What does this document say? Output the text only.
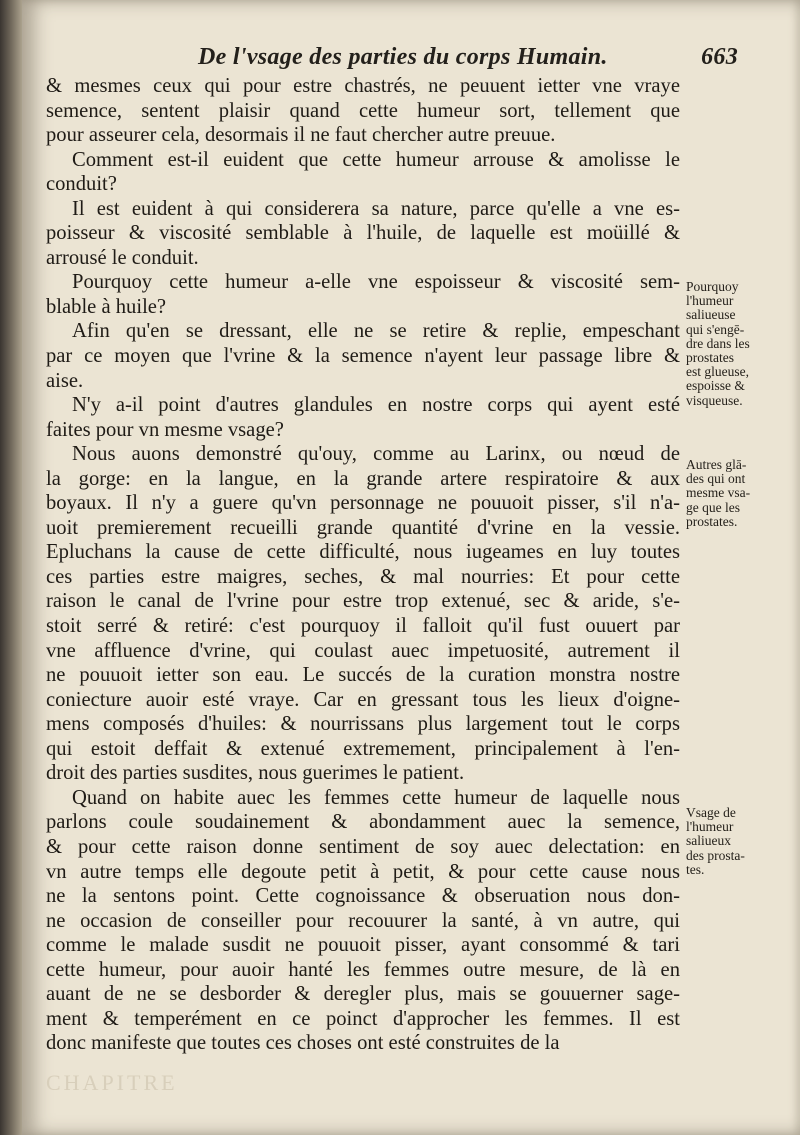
De l'vsage des parties du corps Humain.	663
& mesmes ceux qui pour estre chastrés, ne peuuent ietter vne vraye
semence, sentent plaisir quand cette humeur sort, tellement que
pour asseurer cela, desormais il ne faut chercher autre preuue.
Comment est-il euident que cette humeur arrouse & amolisse le
conduit?
Il est euident à qui considerera sa nature, parce qu'elle a vne es-
poisseur & viscosité semblable à l'huile, de laquelle est moüillé &
arrousé le conduit.
Pourquoy cette humeur a-elle vne espoisseur & viscosité sem-
blable à huile?
Afin qu'en se dressant, elle ne se retire & replie, empeschant
par ce moyen que l'vrine & la semence n'ayent leur passage libre &
aise.
N'y a-il point d'autres glandules en nostre corps qui ayent esté
faites pour vn mesme vsage?
Nous auons demonstré qu'ouy, comme au Larinx, ou nœud de
la gorge: en la langue, en la grande artere respiratoire & aux
boyaux. Il n'y a guere qu'vn personnage ne pouuoit pisser, s'il n'a-
uoit premierement recueilli grande quantité d'vrine en la vessie.
Epluchans la cause de cette difficulté, nous iugeames en luy toutes
ces parties estre maigres, seches, & mal nourries: Et pour cette
raison le canal de l'vrine pour estre trop extenué, sec & aride, s'e-
stoit serré & retiré: c'est pourquoy il falloit qu'il fust ouuert par
vne affluence d'vrine, qui coulast auec impetuosité, autrement il
ne pouuoit ietter son eau. Le succés de la curation monstra nostre
coniecture auoir esté vraye. Car en gressant tous les lieux d'oigne-
mens composés d'huiles: & nourrissans plus largement tout le corps
qui estoit deffait & extenué extremement, principalement à l'en-
droit des parties susdites, nous guerimes le patient.
Quand on habite auec les femmes cette humeur de laquelle nous
parlons coule soudainement & abondamment auec la semence,
& pour cette raison donne sentiment de soy auec delectation: en
vn autre temps elle degoute petit à petit, & pour cette cause nous
ne la sentons point. Cette cognoissance & obseruation nous don-
ne occasion de conseiller pour recouurer la santé, à vn autre, qui
comme le malade susdit ne pouuoit pisser, ayant consommé & tari
cette humeur, pour auoir hanté les femmes outre mesure, de là en
auant de ne se desborder & deregler plus, mais se gouuerner sage-
ment & temperément en ce poinct d'approcher les femmes. Il est
donc manifeste que toutes ces choses ont esté construites de la
Pourquoy
l'humeur
saliueuse
qui s'engē-
dre dans les
prostates
est glueuse,
espoisse &
visqueuse.
Autres glā-
des qui ont
mesme vsa-
ge que les
prostates.
Vsage de
l'humeur
saliueux
des prosta-
tes.
CHAPITRE
